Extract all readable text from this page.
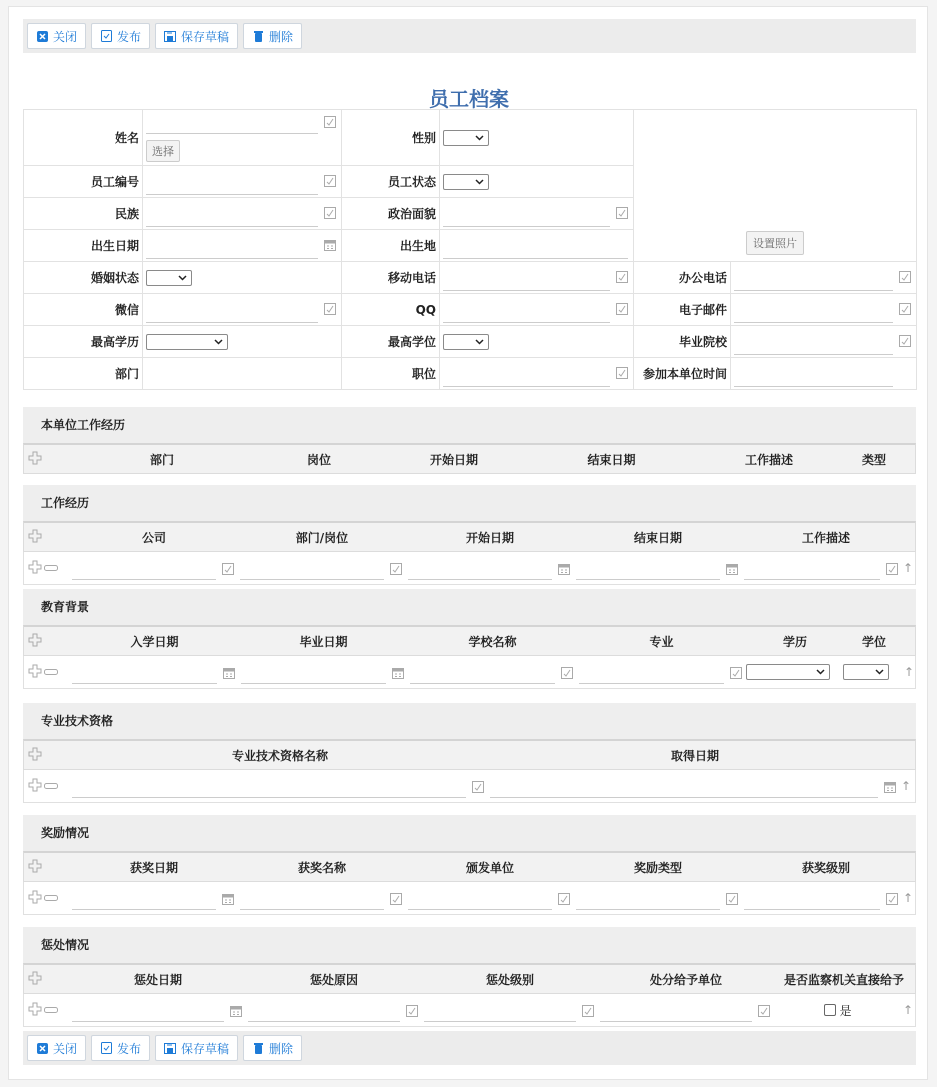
关闭	发布	保存草稿	删除
员工档案
姓名	选择	性别		设置照片	
员工编号		员工状态	

民族		政治面貌	

出生日期		出生地			

婚姻状态		移动电话		办公电话	

微信		QQ		电子邮件	

最高学历		最高学位		毕业院校	

部门		职位		参加本单位时间	
本单位工作经历
部门	岗位	开始日期	结束日期	工作描述	类型
工作经历
公司	部门/岗位	开始日期	结束日期	工作描述
↑
教育背景
入学日期	毕业日期	学校名称	专业	学历	学位
↑
专业技术资格
专业技术资格名称	取得日期
↑
奖励情况
获奖日期	获奖名称	颁发单位	奖励类型	获奖级别
↑
惩处情况
惩处日期	惩处原因	惩处级别	处分给予单位	是否监察机关直接给予
是	↑
关闭	发布	保存草稿	删除
